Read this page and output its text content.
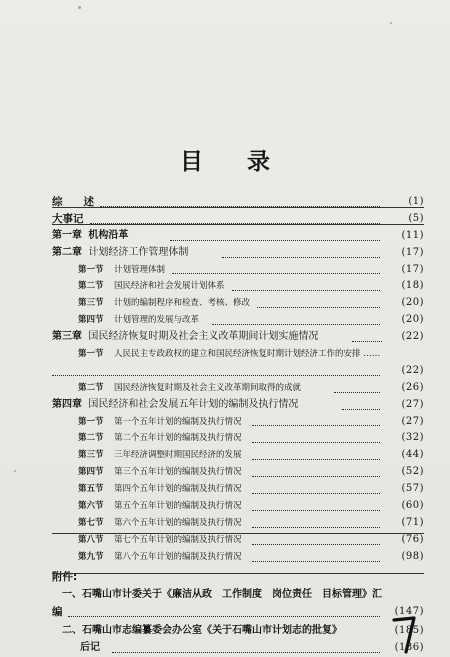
目 录
综　　述	(1)
大事记	(5)
第一章 机构沿革	(11)
第二章 计划经济工作管理体制	(17)
第一节 计划管理体制	(17)
第二节 国民经济和社会发展计划体系	(18)
第三节 计划的编制程序和检查、考核、修改	(20)
第四节 计划管理的发展与改革	(20)
第三章 国民经济恢复时期及社会主义改革期间计划实施情况	(22)
第一节 人民民主专政政权的建立和国民经济恢复时期计划经济工作的安排 ……
(22)
第二节 国民经济恢复时期及社会主义改革期间取得的成就	(26)
第四章 国民经济和社会发展五年计划的编制及执行情况	(27)
第一节 第一个五年计划的编制及执行情况	(27)
第二节 第二个五年计划的编制及执行情况	(32)
第三节 三年经济调整时期国民经济的发展	(44)
第四节 第三个五年计划的编制及执行情况	(52)
第五节 第四个五年计划的编制及执行情况	(57)
第六节 第五个五年计划的编制及执行情况	(60)
第七节 第六个五年计划的编制及执行情况	(71)
第八节 第七个五年计划的编制及执行情况	(76)
第九节 第八个五年计划的编制及执行情况	(98)
附件:
一、石嘴山市计委关于《廉洁从政　工作制度　岗位责任　目标管理》汇
编	(147)
二、石嘴山市志编纂委会办公室《关于石嘴山市计划志的批复》	(185)
后记	(186)
